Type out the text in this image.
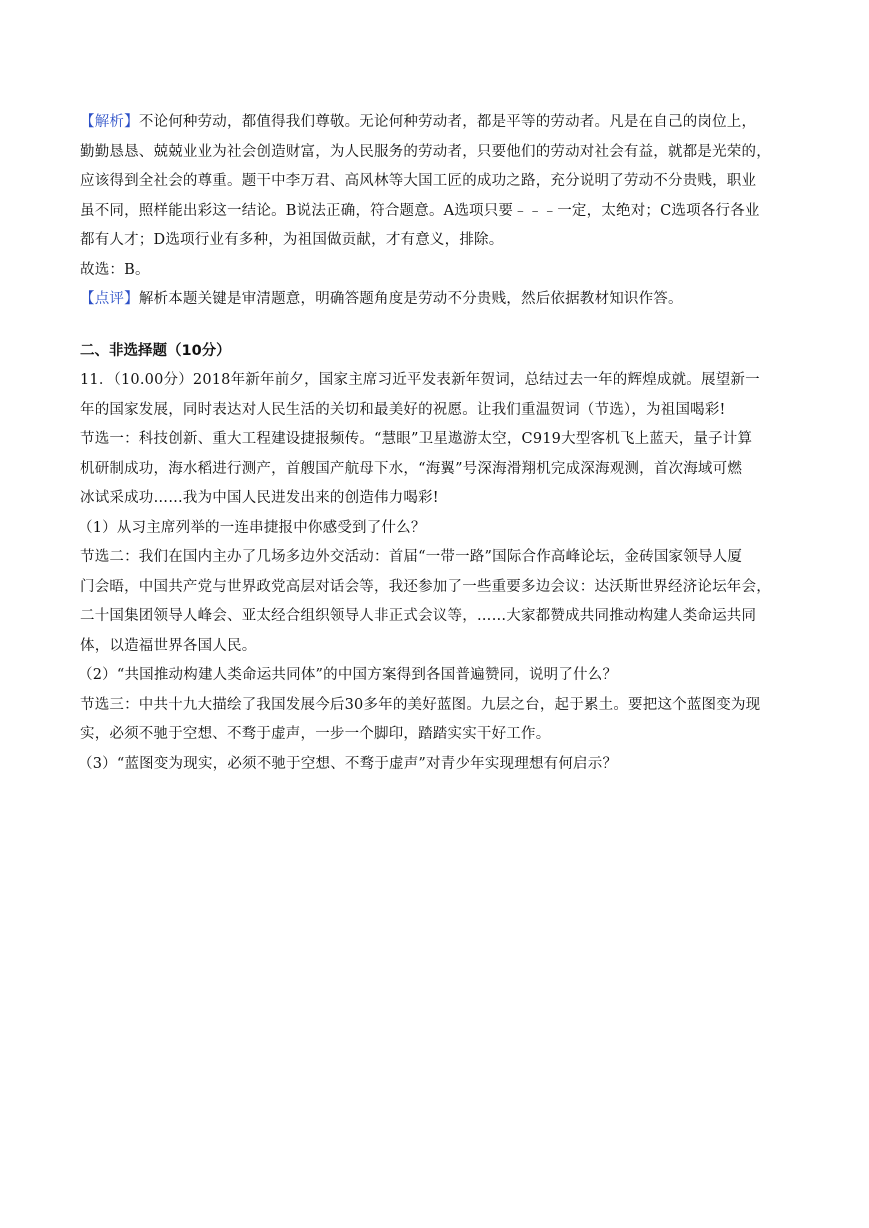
【解析】不论何种劳动，都值得我们尊敬。无论何种劳动者，都是平等的劳动者。凡是在自己的岗位上，
勤勤恳恳、兢兢业业为社会创造财富，为人民服务的劳动者，只要他们的劳动对社会有益，就都是光荣的，
应该得到全社会的尊重。题干中李万君、高风林等大国工匠的成功之路，充分说明了劳动不分贵贱，职业
虽不同，照样能出彩这一结论。B说法正确，符合题意。A选项只要﹣﹣﹣一定，太绝对；C选项各行各业
都有人才；D选项行业有多种，为祖国做贡献，才有意义，排除。

故选：B。

【点评】解析本题关键是审清题意，明确答题角度是劳动不分贵贱，然后依据教材知识作答。

二、非选择题（10分）

11．（10.00分）2018年新年前夕，国家主席习近平发表新年贺词，总结过去一年的辉煌成就。展望新一
年的国家发展，同时表达对人民生活的关切和最美好的祝愿。让我们重温贺词（节选），为祖国喝彩!

节选一：科技创新、重大工程建设捷报频传。“慧眼”卫星遨游太空，C919大型客机飞上蓝天，量子计算
机研制成功，海水稻进行测产，首艘国产航母下水，“海翼”号深海滑翔机完成深海观测，首次海域可燃
冰试采成功……我为中国人民进发出来的创造伟力喝彩!

（1）从习主席列举的一连串捷报中你感受到了什么？

节选二：我们在国内主办了几场多边外交活动：首届“一带一路”国际合作高峰论坛，金砖国家领导人厦
门会晤，中国共产党与世界政党高层对话会等，我还参加了一些重要多边会议：达沃斯世界经济论坛年会，
二十国集团领导人峰会、亚太经合组织领导人非正式会议等，……大家都赞成共同推动构建人类命运共同
体，以造福世界各国人民。

（2）“共国推动构建人类命运共同体”的中国方案得到各国普遍赞同，说明了什么？

节选三：中共十九大描绘了我国发展今后30多年的美好蓝图。九层之台，起于累土。要把这个蓝图变为现
实，必须不驰于空想、不骛于虚声，一步一个脚印，踏踏实实干好工作。

（3）“蓝图变为现实，必须不驰于空想、不骛于虚声”对青少年实现理想有何启示？
